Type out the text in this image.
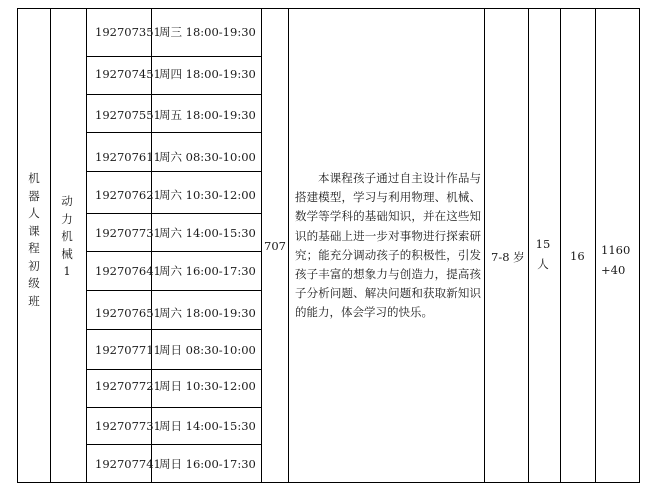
机
器
人
课
程
初
级
班
动
力
机
械
1
192707351
周三 18:00-19:30
192707451
周四 18:00-19:30
192707551
周五 18:00-19:30
192707611
周六 08:30-10:00
192707621
周六 10:30-12:00
192707731
周六 14:00-15:30
192707641
周六 16:00-17:30
192707651
周六 18:00-19:30
192707711
周日 08:30-10:00
192707721
周日 10:30-12:00
192707731
周日 14:00-15:30
192707741
周日 16:00-17:30
707
本课程孩子通过自主设计作品与搭建模型，学习与利用物理、机械、数学等学科的基础知识，并在这些知识的基础上进一步对事物进行探索研究；能充分调动孩子的积极性，引发孩子丰富的想象力与创造力，提高孩子分析问题、解决问题和获取新知识的能力，体会学习的快乐。
7-8 岁
15 人
16 1160+40
